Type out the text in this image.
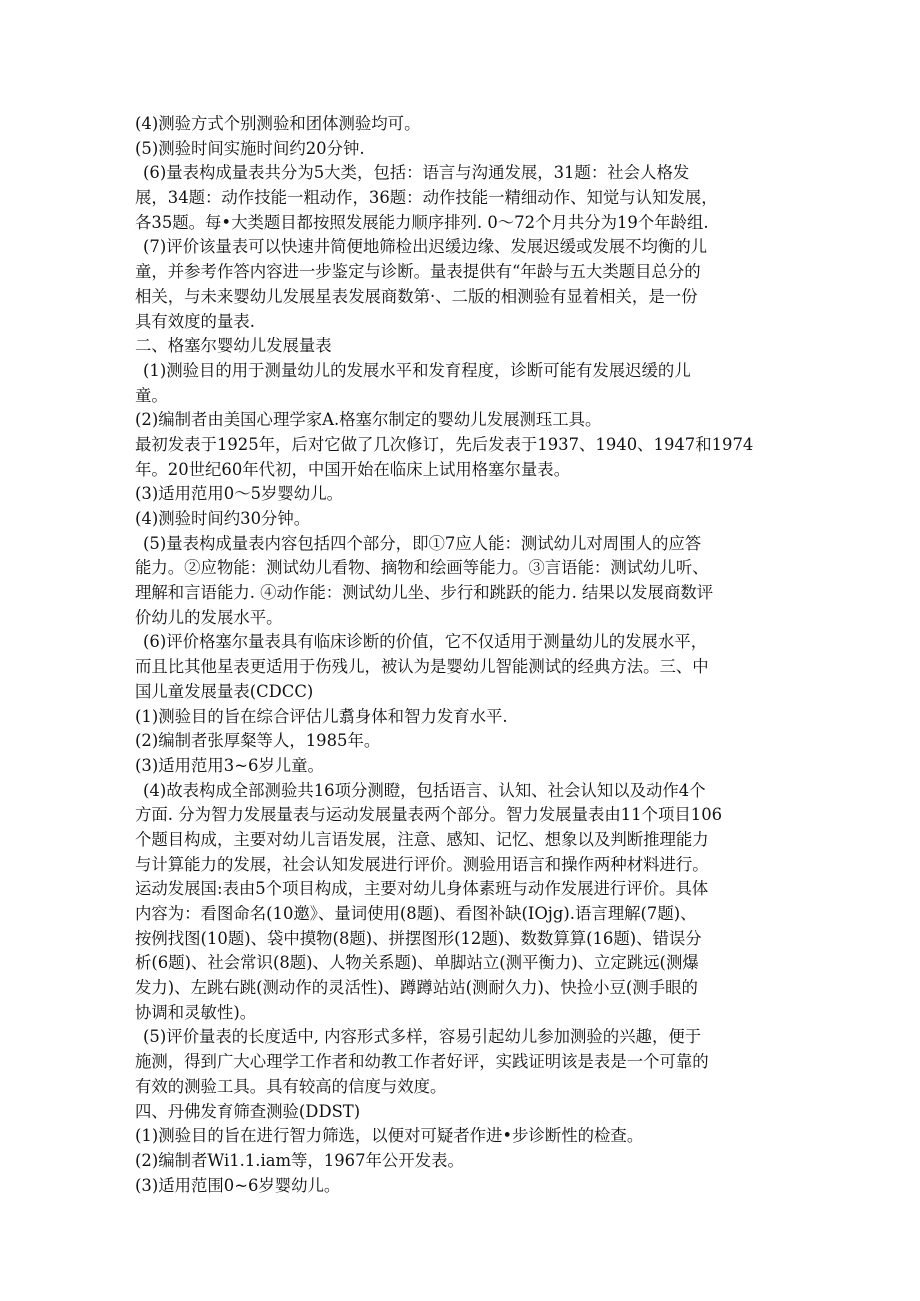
(4)测验方式个别测验和团体测验均可。
(5)测验时间实施时间约20分钟.
(6)量表构成量表共分为5大类，包括：语言与沟通发展，31题：社会人格发
展，34题：动作技能一粗动作，36题：动作技能一精细动作、知觉与认知发展，
各35题。每•大类题目都按照发展能力顺序排列. 0～72个月共分为19个年龄组.
(7)评价该量表可以快速井简便地筛检出迟缓边缘、发展迟缓或发展不均衡的儿
童，并参考作答内容进一步鉴定与诊断。量表提供有“年龄与五大类题目总分的
相关，与未来婴幼儿发展星表发展商数第·、二版的相测验有显着相关，是一份
具有效度的量表.
二、格塞尔婴幼儿发展量表
(1)测验目的用于测量幼儿的发展水平和发育程度，诊断可能有发展迟缓的儿
童。
(2)编制者由美国心理学家A.格塞尔制定的婴幼儿发展测珏工具。
最初发表于1925年，后对它做了几次修订，先后发表于1937、1940、1947和1974
年。20世纪60年代初，中国开始在临床上试用格塞尔量表。
(3)适用范用0～5岁婴幼儿。
(4)测验时间约30分钟。
(5)量表构成量表内容包括四个部分，即①7应人能：测试幼儿对周围人的应答
能力。②应物能：测试幼儿看物、摘物和绘画等能力。③言语能：测试幼儿听、
理解和言语能力. ④动作能：测试幼儿坐、步行和跳跃的能力. 结果以发展商数评
价幼儿的发展水平。
(6)评价格塞尔量表具有临床诊断的价值，它不仅适用于测量幼儿的发展水平，
而且比其他星表更适用于伤残儿，被认为是婴幼儿智能测试的经典方法。三、中
国儿童发展量表(CDCC)
(1)测验目的旨在综合评估儿翥身体和智力发育水平.
(2)编制者张厚粲等人，1985年。
(3)适用范用3~6岁儿童。
(4)故表构成全部测验共16项分测瞪，包括语言、认知、社会认知以及动作4个
方面. 分为智力发展量表与运动发展量表两个部分。智力发展量表由11个项目106
个题目构成，主要对幼儿言语发展，注意、感知、记忆、想象以及判断推理能力
与计算能力的发展，社会认知发展进行评价。测验用语言和操作两种材料进行。
运动发展国:表由5个项目构成，主要对幼儿身体素班与动作发展进行评价。具体
内容为：看图命名(10邀》、量词使用(8题)、看图补缺(IOjg).语言理解(7题)、
按例找图(10题)、袋中摸物(8题)、拼摆图形(12题)、数数算算(16题)、错误分
析(6题)、社会常识(8题)、人物关系题)、单脚站立(测平衡力)、立定跳远(测爆
发力)、左跳右跳(测动作的灵活性)、蹲蹲站站(测耐久力)、快捡小豆(测手眼的
协调和灵敏性)。
(5)评价量表的长度适中, 内容形式多样，容易引起幼儿参加测验的兴趣，便于
施测，得到广大心理学工作者和幼教工作者好评，实践证明该是表是一个可靠的
有效的测验工具。具有较高的信度与效度。
四、丹佛发育筛查测验(DDST)
(1)测验目的旨在进行智力筛选，以便对可疑者作进•步诊断性的检查。
(2)编制者Wi1.1.iam等，1967年公开发表。
(3)适用范围0~6岁婴幼儿。
